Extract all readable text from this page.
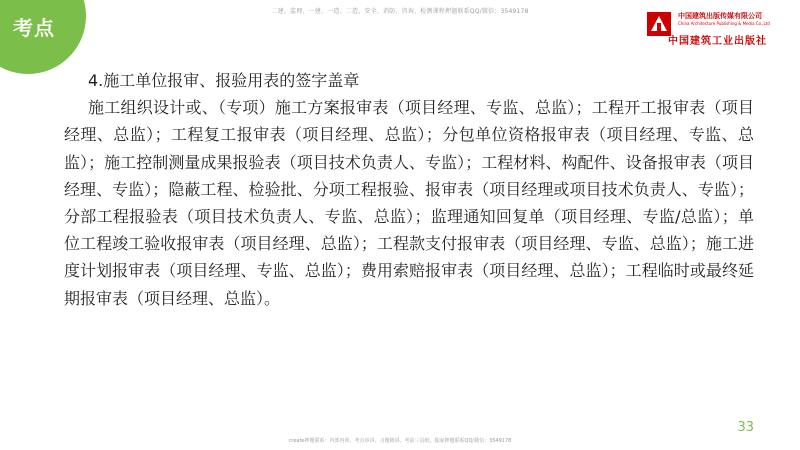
考点
二建、监理、一建、一造、二造、安全、消防、咨询、检测课程押题联系QQ/微信：3549178
中国建筑出版传媒有限公司
China Architecture Publishing & Media Co.,Ltd
中国建筑工业出版社

4.施工单位报审、报验用表的签字盖章

施工组织设计或、（专项）施工方案报审表（项目经理、专监、总监）；工程开工报审表（项目经理、总监）；工程复工报审表（项目经理、总监）；分包单位资格报审表（项目经理、专监、总监）；施工控制测量成果报验表（项目技术负责人、专监）；工程材料、构配件、设备报审表（项目经理、专监）；隐蔽工程、检验批、分项工程报验、报审表（项目经理或项目技术负责人、专监）；分部工程报验表（项目技术负责人、专监、总监）；监理通知回复单（项目经理、专监/总监）；单位工程竣工验收报审表（项目经理、总监）；工程款支付报审表（项目经理、专监、总监）；施工进度计划报审表（项目经理、专监、总监）；费用索赔报审表（项目经理、总监）；工程临时或最终延期报审表（项目经理、总监）。

33
create押题联系：内部内训、考点串讲、习题精讲、考前三页纸、独家押题联系QQ/微信：3549178
